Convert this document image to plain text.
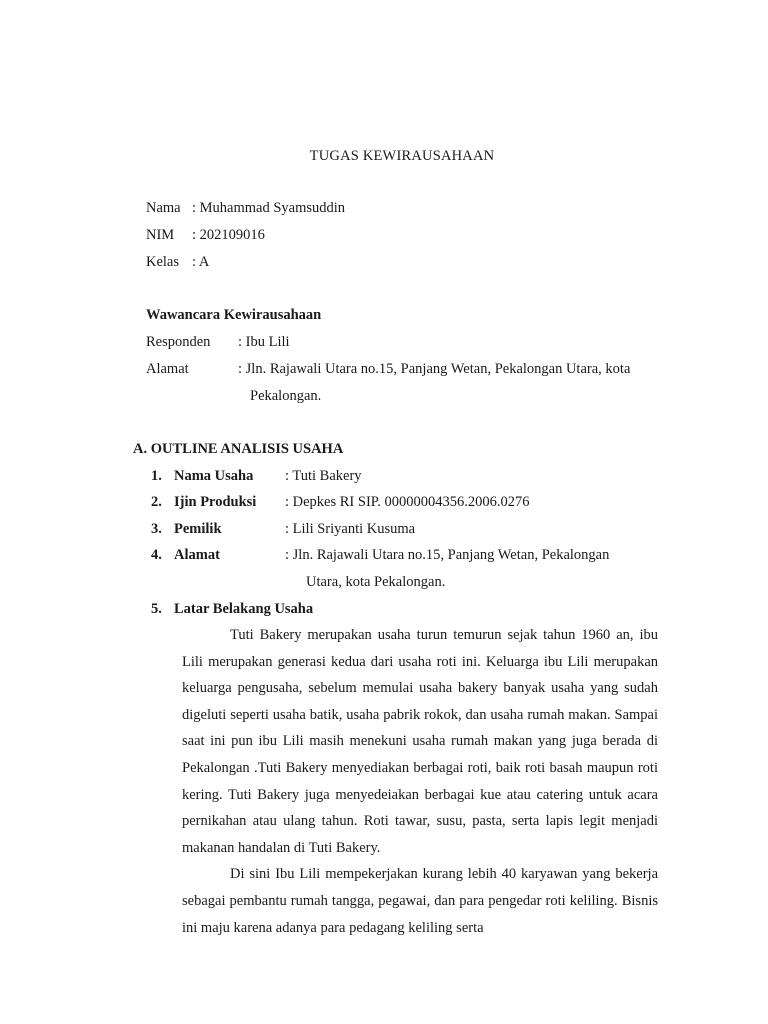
TUGAS KEWIRAUSAHAAN
Nama : Muhammad Syamsuddin
NIM : 202109016
Kelas : A
Wawancara Kewirausahaan
Responden : Ibu Lili
Alamat	: Jln. Rajawali Utara no.15, Panjang Wetan, Pekalongan Utara, kota
Pekalongan.
A. OUTLINE ANALISIS USAHA
1. Nama Usaha : Tuti Bakery
2. Ijin Produksi : Depkes RI SIP. 00000004356.2006.0276
3. Pemilik	: Lili Sriyanti Kusuma
4. Alamat	: Jln. Rajawali Utara no.15, Panjang Wetan, Pekalongan
Utara, kota Pekalongan.
5. Latar Belakang Usaha

Tuti Bakery merupakan usaha turun temurun sejak tahun 1960 an, ibu Lili merupakan generasi kedua dari usaha roti ini. Keluarga ibu Lili merupakan keluarga pengusaha, sebelum memulai usaha bakery banyak usaha yang sudah digeluti seperti usaha batik, usaha pabrik rokok, dan usaha rumah makan. Sampai saat ini pun ibu Lili masih menekuni usaha rumah makan yang juga berada di Pekalongan .Tuti Bakery menyediakan berbagai roti, baik roti basah maupun roti kering. Tuti Bakery juga menyedeiakan berbagai kue atau catering untuk acara pernikahan atau ulang tahun. Roti tawar, susu, pasta, serta lapis legit menjadi makanan handalan di Tuti Bakery.

Di sini Ibu Lili mempekerjakan kurang lebih 40 karyawan yang bekerja sebagai pembantu rumah tangga, pegawai, dan para pengedar roti keliling. Bisnis ini maju karena adanya para pedagang keliling serta
